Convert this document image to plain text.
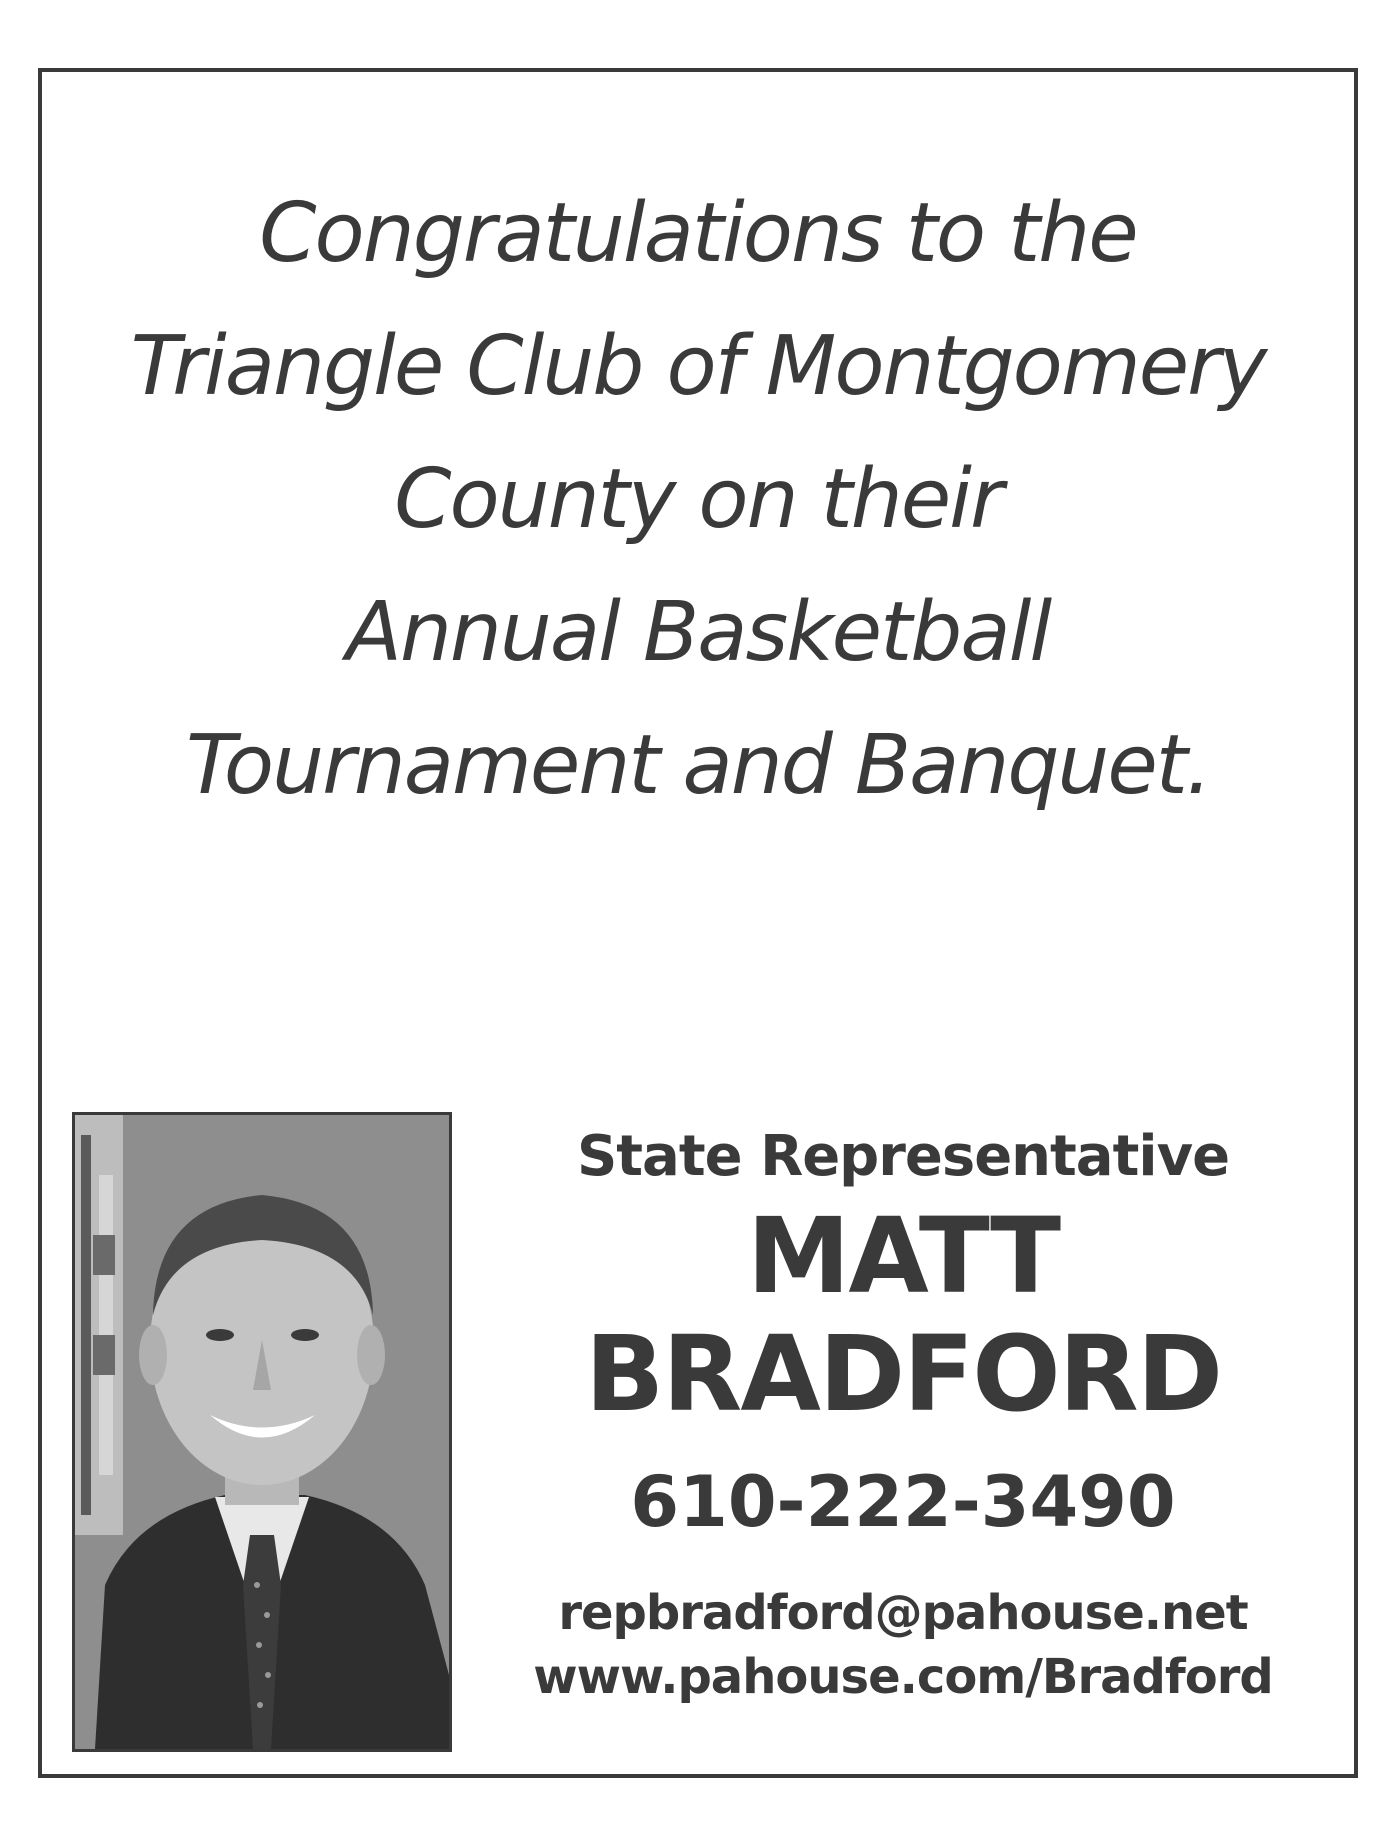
Congratulations to the
Triangle Club of Montgomery
County on their
Annual Basketball
Tournament and Banquet.
State Representative
MATT
BRADFORD
610-222-3490
repbradford@pahouse.net
www.pahouse.com/Bradford
